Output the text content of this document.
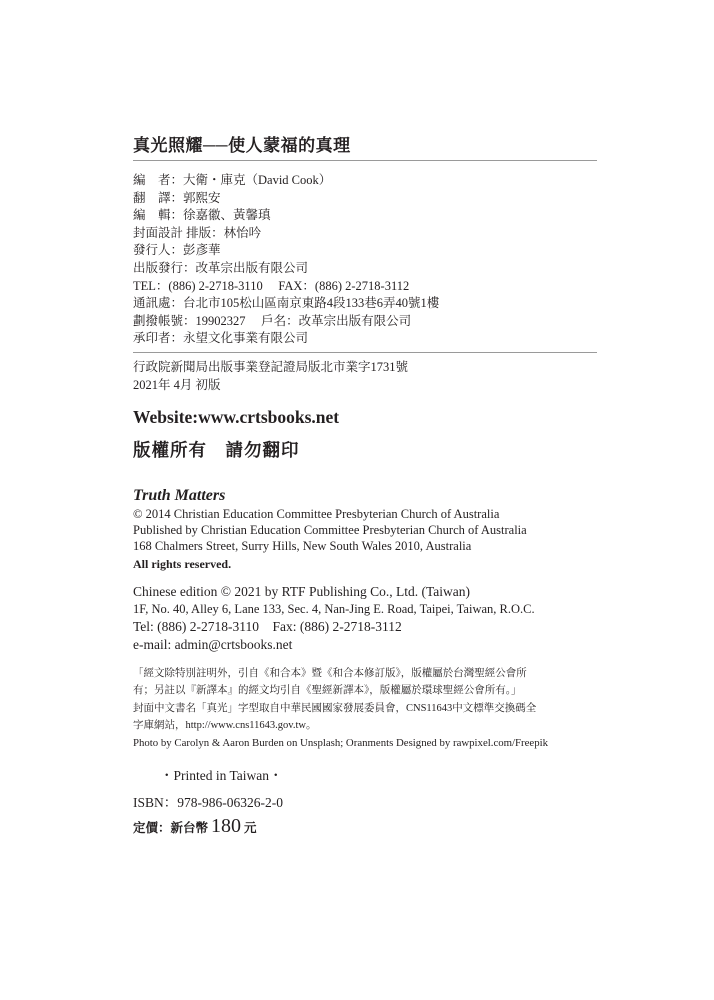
真光照耀──使人蒙福的真理
編　者：大衛・庫克（David Cook）
翻　譯：郭熙安
編　輯：徐嘉徽、黃馨瑱
封面設計 排版：林怡吟
發行人：彭彥華
出版發行：改革宗出版有限公司
TEL：(886) 2-2718-3110　 FAX：(886) 2-2718-3112
通訊處：台北市105松山區南京東路4段133巷6弄40號1樓
劃撥帳號：19902327　 戶名：改革宗出版有限公司
承印者：永望文化事業有限公司
行政院新聞局出版事業登記證局版北市業字1731號
2021年 4月 初版
Website:www.crtsbooks.net
版權所有　請勿翻印
Truth Matters
© 2014 Christian Education Committee Presbyterian Church of Australia
Published by Christian Education Committee Presbyterian Church of Australia
168 Chalmers Street, Surry Hills, New South Wales 2010, Australia
All rights reserved.
Chinese edition © 2021 by RTF Publishing Co., Ltd. (Taiwan)
1F, No. 40, Alley 6, Lane 133, Sec. 4, Nan-Jing E. Road, Taipei, Taiwan, R.O.C.
Tel: (886) 2-2718-3110　Fax: (886) 2-2718-3112
e-mail: admin@crtsbooks.net
「經文除特別註明外，引自《和合本》暨《和合本修訂版》，版權屬於台灣聖經公會所
有；另註以『新譯本』的經文均引自《聖經新譯本》，版權屬於環球聖經公會所有。」
封面中文書名「真光」字型取自中華民國國家發展委員會，CNS11643中文標準交換碼全
字庫網站，http://www.cns11643.gov.tw。
Photo by Carolyn & Aaron Burden on Unsplash; Oranments Designed by rawpixel.com/Freepik
・Printed in Taiwan・
ISBN：978-986-06326-2-0
定價：新台幣 180 元
